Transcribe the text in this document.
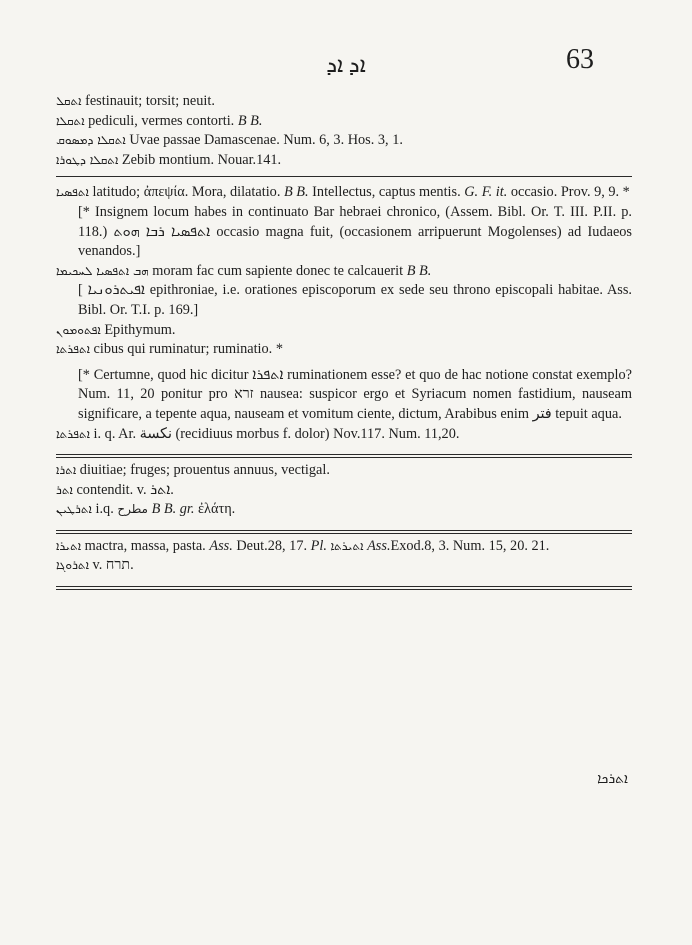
ܐܕ ܐܕ	63
ܐܬܩܠ festinauit; torsit; neuit.
ܐܬܩܠܐ pediculi, vermes contorti. B B.
ܐܬܩܠܐ ܕܡܣܘܩ Uvae passae Damascenae. Num. 6, 3. Hos. 3, 1.
ܐܬܩܠܐ ܕܛܘܪܐ Zebib montium. Nouar.141.
ܐܬܦܣܝܐ latitudo; ἀπεψία. Mora, dilatatio. B B. Intellectus, captus mentis. G. F. it. occasio. Prov. 9, 9. *
[* Insignem locum habes in continuato Bar hebraei chronico, (Assem. Bibl. Or. T. III. P.II. p. 118.) ܐܬܦܣܝܐ ܪܒܐ ܗܘܬ occasio magna fuit, (occasionem arripuerunt Mogolenses) ad Iudaeos venandos.]
ܗܒ ܐܬܦܣܝܐ ܠܚܟܝܡܐ moram fac cum sapiente donec te calcauerit B B.
[ ܐܦܝܬܪܘܢܝܐ epithroniae, i.e. orationes episcoporum ex sede seu throno episcopali habitae. Ass. Bibl. Or. T.I. p. 169.]
ܐܦܬܘܡܘܢ Epithymum.
ܐܬܦܪܬܐ cibus qui ruminatur; ruminatio. *
[* Certumne, quod hic dicitur ܐܬܦܪܐ ruminationem esse? et quo de hac notione constat exemplo? Num. 11, 20 ponitur pro זרא nausea: suspicor ergo et Syriacum nomen fastidium, nauseam significare, a tepente aqua, nauseam et vomitum ciente, dictum, Arabibus enim فتر tepuit aqua.
ܐܬܦܪܬܐ i. q. Ar. نكسة (recidiuus morbus f. dolor) Nov.117. Num. 11,20.
ܐܬܪܐ diuitiae; fruges; prouentus annuus, vectigal.
ܐܬܪ contendit. v. ܐܬܪ.
ܐܬܪܛܝܢ i.q. مطرح B B. gr. ἐλάτη.
ܐܬܝܪܐ mactra, massa, pasta. Ass. Deut.28, 17. Pl. ܐܬܝܪܬܐ Ass.Exod.8, 3. Num. 15, 20. 21.
ܐܬܪܘܓܐ v. תרח.
ܐܬܪܟܐ
